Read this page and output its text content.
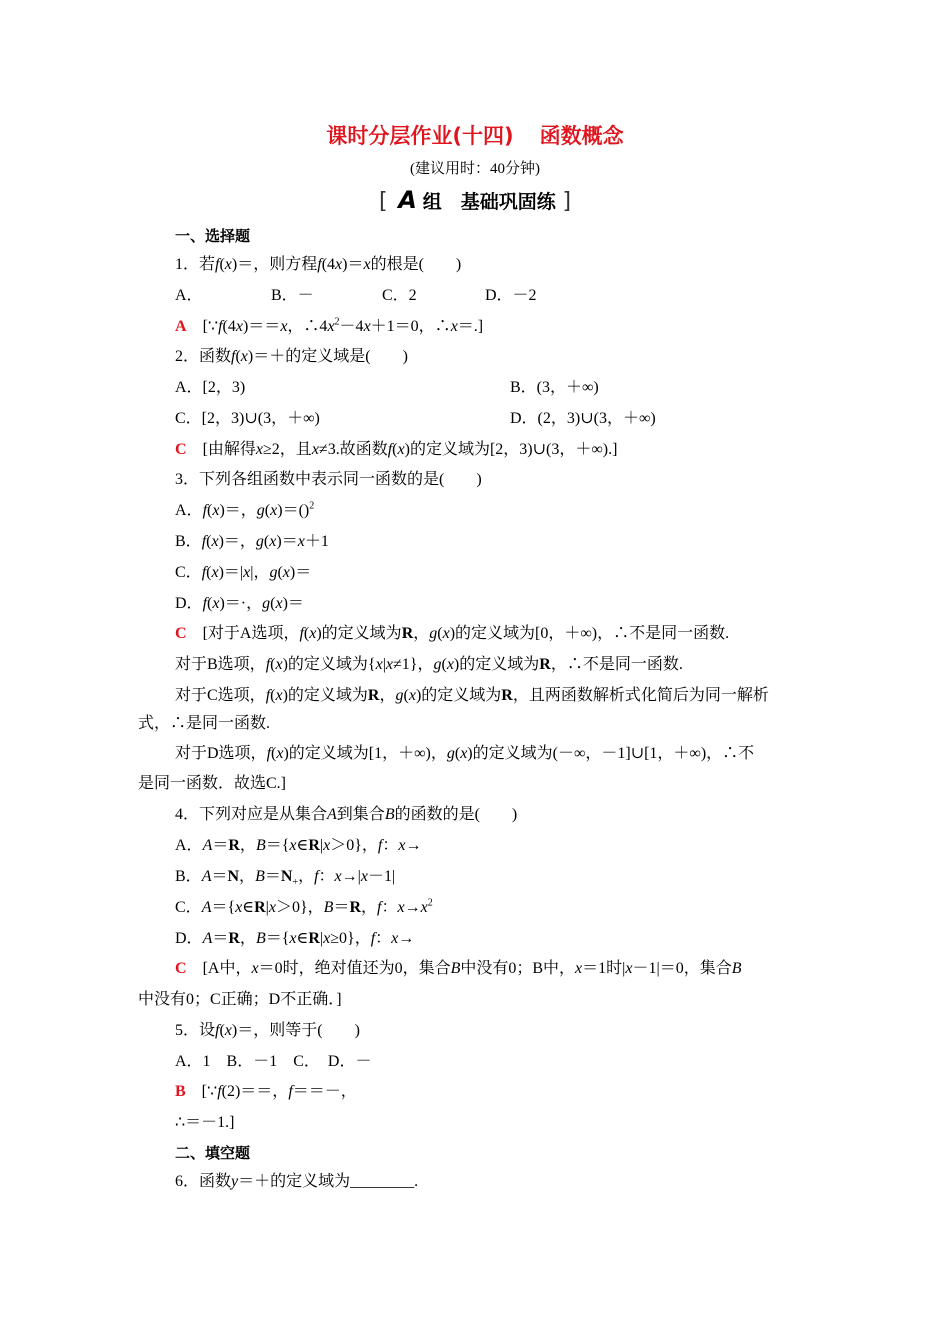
课时分层作业(十四) 函数概念
(建议用时：40分钟)
[ A 组　 基础巩固练 ]
一、选择题
1．若f(x)＝，则方程f(4x)＝x的根是(　　)
A．	B．－	C．2	D．－2
A [∵f(4x)＝＝x，$\therefore 4x^2-4x+1=0$，∴x＝.]
2．函数f(x)＝＋的定义域是(　　)
A．[2，3)	B．(3，＋∞)
C．[2，3)∪(3，＋∞)	D．(2，3)∪(3，＋∞)
C [由解得x≥2，且x≠3.故函数f(x)的定义域为[2，3)∪(3，＋∞).]
3．下列各组函数中表示同一函数的是(　　)
A．f(x)＝，g(x)＝()$^2$
B．f(x)＝，g(x)＝x＋1
C．f(x)＝|x|，g(x)＝
D．f(x)＝·，g(x)＝
C [对于A选项，f(x)的定义域为R，g(x)的定义域为[0，＋∞)，∴不是同一函数.
对于B选项，f(x)的定义域为{x|x≠1}，g(x)的定义域为R，∴不是同一函数.
对于C选项，f(x)的定义域为R，g(x)的定义域为R，且两函数解析式化简后为同一解析
式，∴是同一函数.
对于D选项，f(x)的定义域为[1，＋∞)，g(x)的定义域为(－∞，－1]∪[1，＋∞)，∴不
是同一函数．故选C.]
4．下列对应是从集合A到集合B的函数的是(　　)
A．A＝R，B＝{x∈R|x＞0}，f：x→
B．A＝N，$B=N_+$，f：x→|x－1|
C．A＝{x∈R|x＞0}，B＝R，f：$x\to x^2$
D．A＝R，B＝{x∈R|x≥0}，f：x→
C [A中，x＝0时，绝对值还为0，集合B中没有0；B中，x＝1时|x－1|＝0，集合B
中没有0；C正确；D不正确．]
5．设f(x)＝，则等于(　　)
A．1　B．－1　C．　D．－
B [∵f(2)＝＝，f＝＝－，
∴＝－1.]
二、填空题
6．函数y＝＋的定义域为________.
